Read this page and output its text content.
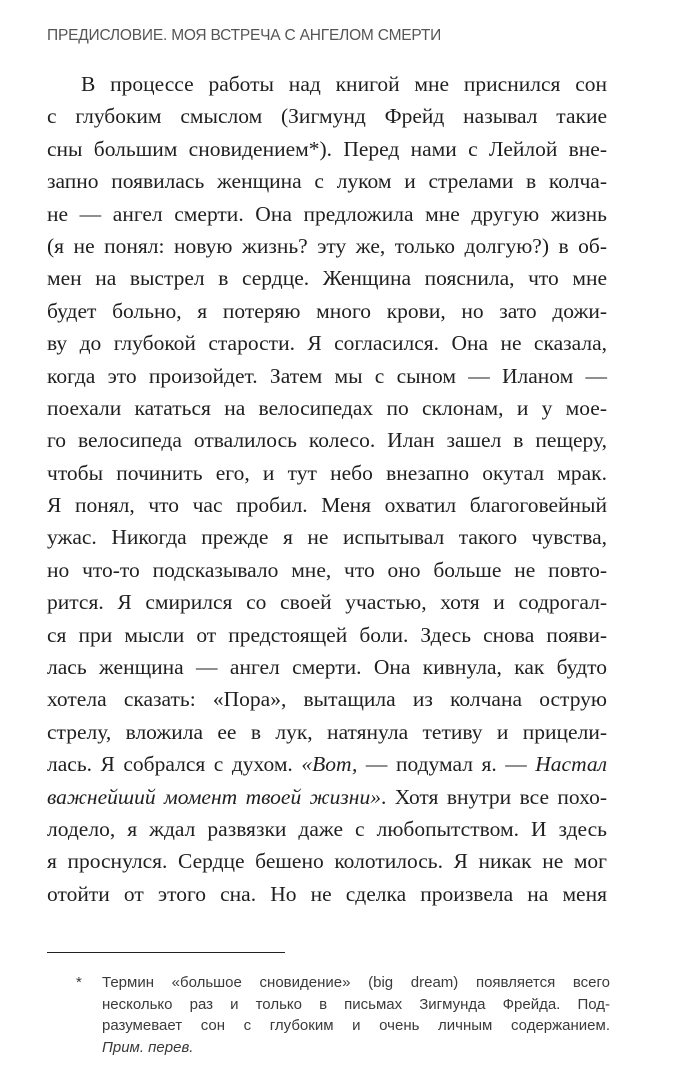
ПРЕДИСЛОВИЕ. МОЯ ВСТРЕЧА С АНГЕЛОМ СМЕРТИ
В процессе работы над книгой мне приснился сон
с глубоким смыслом (Зигмунд Фрейд называл такие
сны большим сновидением*). Перед нами с Лейлой вне-
запно появилась женщина с луком и стрелами в колча-
не — ангел смерти. Она предложила мне другую жизнь
(я не понял: новую жизнь? эту же, только долгую?) в об-
мен на выстрел в сердце. Женщина пояснила, что мне
будет больно, я потеряю много крови, но зато дожи-
ву до глубокой старости. Я согласился. Она не сказала,
когда это произойдет. Затем мы с сыном — Иланом —
поехали кататься на велосипедах по склонам, и у мое-
го велосипеда отвалилось колесо. Илан зашел в пещеру,
чтобы починить его, и тут небо внезапно окутал мрак.
Я понял, что час пробил. Меня охватил благоговейный
ужас. Никогда прежде я не испытывал такого чувства,
но что-то подсказывало мне, что оно больше не повто-
рится. Я смирился со своей участью, хотя и содрогал-
ся при мысли от предстоящей боли. Здесь снова появи-
лась женщина — ангел смерти. Она кивнула, как будто
хотела сказать: «Пора», вытащила из колчана острую
стрелу, вложила ее в лук, натянула тетиву и прицели-
лась. Я собрался с духом. «Вот, — подумал я. — Настал
важнейший момент твоей жизни». Хотя внутри все похо-
лодело, я ждал развязки даже с любопытством. И здесь
я проснулся. Сердце бешено колотилось. Я никак не мог
отойти от этого сна. Но не сделка произвела на меня
* Термин «большое сновидение» (big dream) появляется всего
несколько раз и только в письмах Зигмунда Фрейда. Под-
разумевает сон с глубоким и очень личным содержанием.
Прим. перев.
